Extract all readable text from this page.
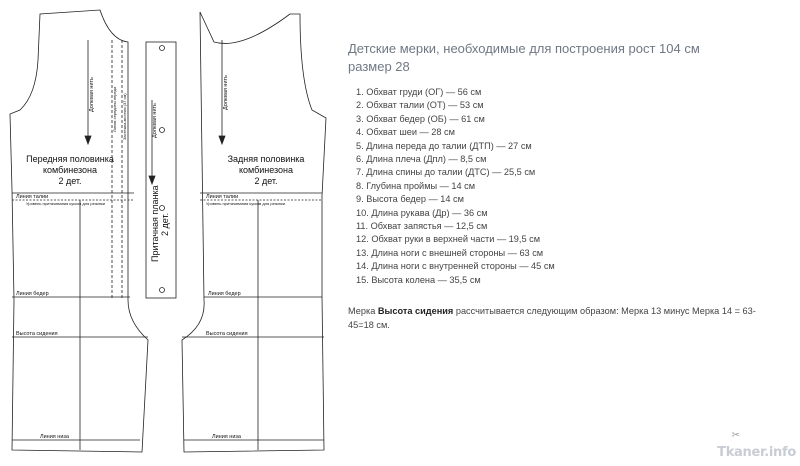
Передняя половинка
комбинезона
2 дет.
Задняя половинка
комбинезона
2 дет.
Притачная планка 2 дет.
Долевая нить	Долевая нить
Долевая нить
Линия середины переда Застежка-молния (37 см)
Линия талии
Уровень притачивания кусков для резинки
Линия талии
Уровень притачивания кусков для резинки
Линия бедер	Линия бедер
Высота сидения	Высота сидения
Линия низа	Линия низа

Детские мерки, необходимые для построения рост 104 см
размер 28

1. Обхват груди (ОГ) — 56 см
2. Обхват талии (ОТ) — 53 см
3. Обхват бедер (ОБ) — 61 см
4. Обхват шеи — 28 см
5. Длина переда до талии (ДТП) — 27 см
6. Длина плеча (Дпл) — 8,5 см
7. Длина спины до талии (ДТС) — 25,5 см
8. Глубина проймы — 14 см
9. Высота бедер — 14 см
10. Длина рукава (Др) — 36 см
11. Обхват запястья — 12,5 см
12. Обхват руки в верхней части — 19,5 см
13. Длина ноги с внешней стороны — 63 см
14. Длина ноги с внутренней стороны — 45 см
15. Высота колена — 35,5 см
Мерка Высота сидения рассчитывается следующим образом: Мерка 13 минус Мерка 14 = 63-45=18 см.
✂
Tkaner.info
